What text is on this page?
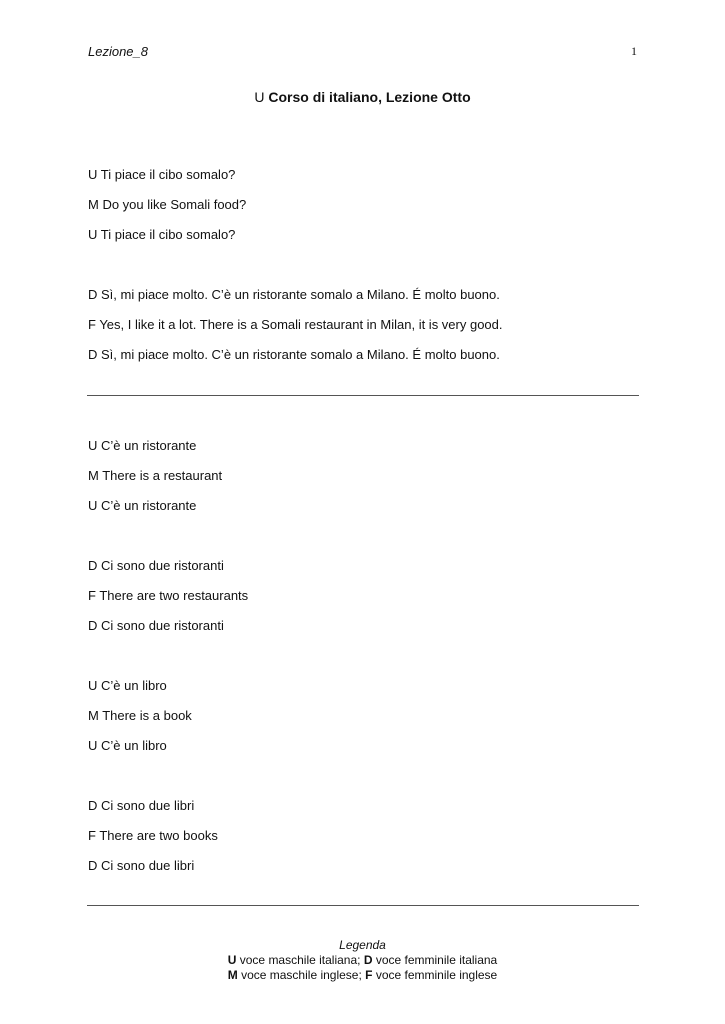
Lezione_8	1
U Corso di italiano, Lezione Otto
U Ti piace il cibo somalo?
M Do you like Somali food?
U Ti piace il cibo somalo?
D Sì, mi piace molto. C’è un ristorante somalo a Milano. É molto buono.
F Yes, I like it a lot. There is a Somali restaurant in Milan, it is very good.
D Sì, mi piace molto. C’è un ristorante somalo a Milano. É molto buono.
U C’è un ristorante
M There is a restaurant
U C’è un ristorante
D Ci sono due ristoranti
F There are two restaurants
D Ci sono due ristoranti
U C’è un libro
M There is a book
U C’è un libro
D Ci sono due libri
F There are two books
D Ci sono due libri
Legenda
U voce maschile italiana; D voce femminile italiana
M voce maschile inglese; F voce femminile inglese
